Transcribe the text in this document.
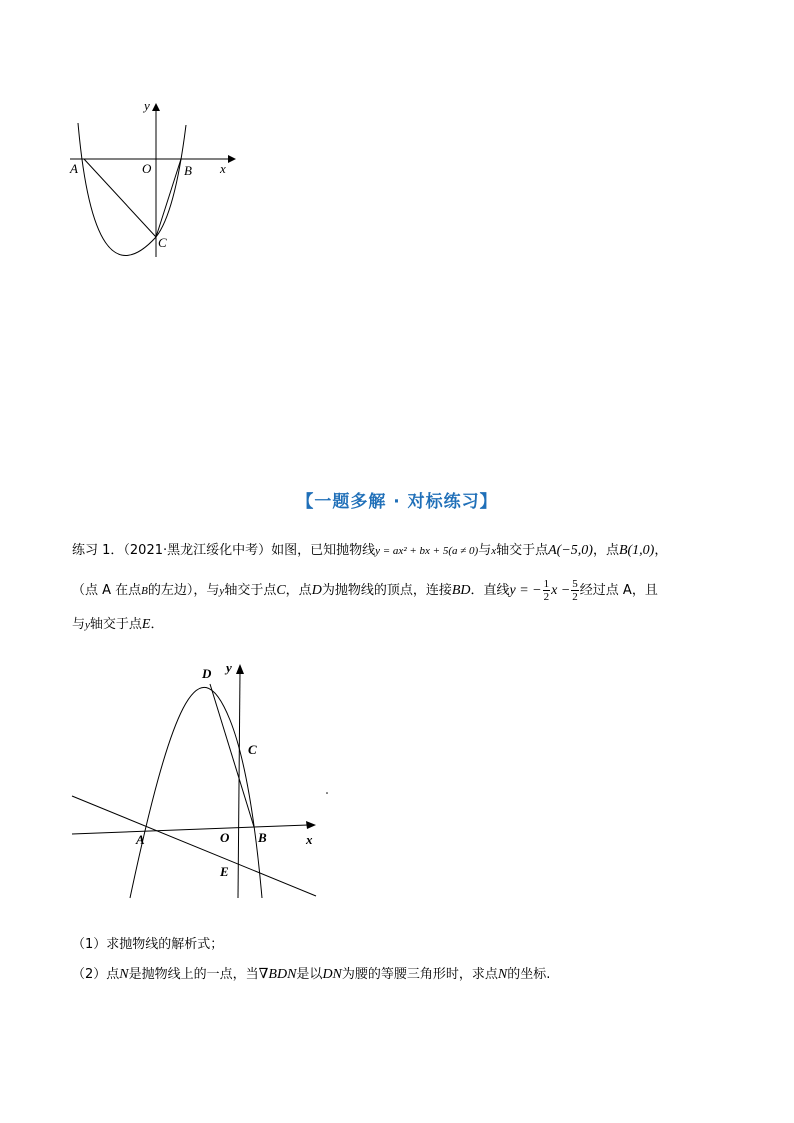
y
x
O
A	B
C
【一题多解 · 对标练习】

练习 1．（2021·黑龙江绥化中考）如图，已知抛物线y = ax² + bx + 5(a ≠ 0)与x轴交于点A(−5,0)，点B(1,0)，

（点 A 在点B的左边），与y轴交于点C，点D为抛物线的顶点，连接BD．直线y = − $\frac{1}{2}$ $x - \frac{5}{2}$ 经过点 A，且

与y轴交于点E．

D y
C
A	O B	x
E

（1）求抛物线的解析式；

（2）点N是抛物线上的一点，当∇BDN是以DN为腰的等腰三角形时，求点N的坐标.
